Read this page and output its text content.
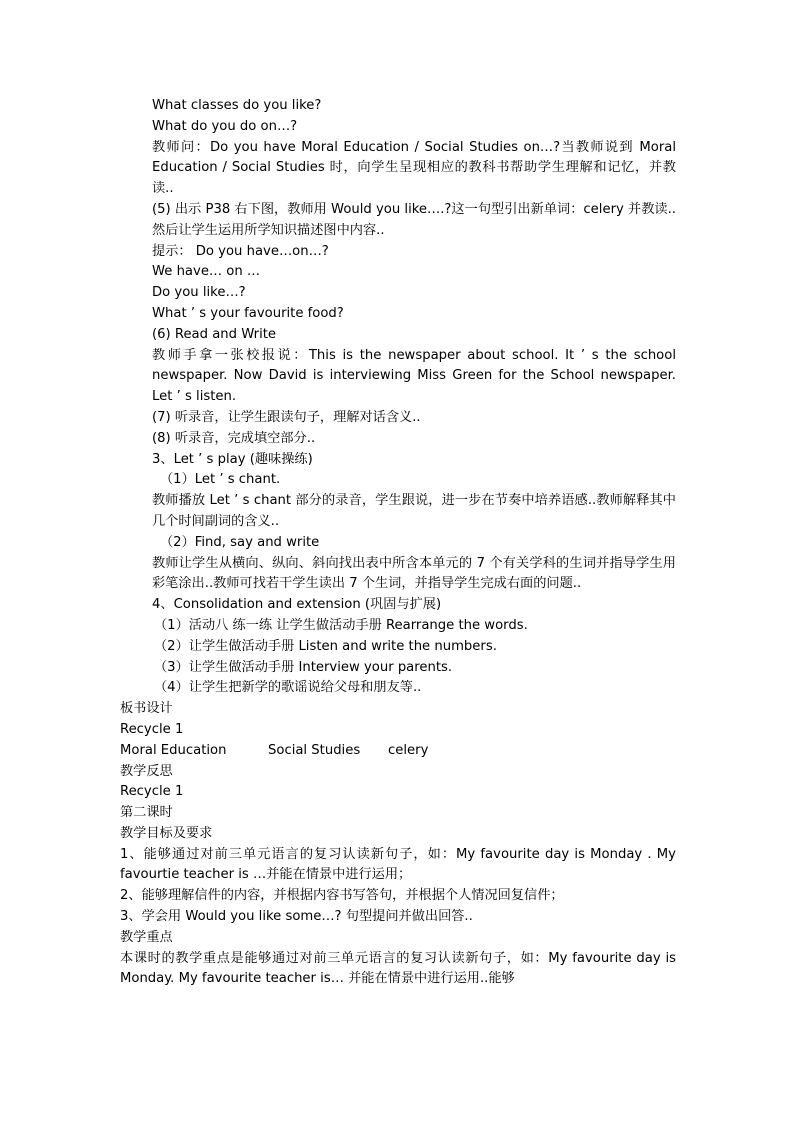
What classes do you like?
What do you do on…?
教师问：Do you have Moral Education / Social Studies on…?当教师说到 Moral Education / Social Studies 时，向学生呈现相应的教科书帮助学生理解和记忆，并教读..
(5) 出示 P38 右下图，教师用 Would you like….?这一句型引出新单词：celery 并教读..然后让学生运用所学知识描述图中内容..
提示： Do you have…on…?
We have… on …
Do you like…?
What ’ s your favourite food?
(6) Read and Write
教师手拿一张校报说：This is the newspaper about school. It ’ s the school newspaper. Now David is interviewing Miss Green for the School newspaper. Let ’ s listen.
(7) 听录音，让学生跟读句子，理解对话含义..
(8) 听录音，完成填空部分..
3、Let ’ s play (趣味操练)
（1）Let ’ s chant.
教师播放 Let ’ s chant 部分的录音，学生跟说，进一步在节奏中培养语感..教师解释其中几个时间副词的含义..
（2）Find, say and write
教师让学生从横向、纵向、斜向找出表中所含本单元的 7 个有关学科的生词并指导学生用彩笔涂出..教师可找若干学生读出 7 个生词，并指导学生完成右面的问题..
4、Consolidation and extension (巩固与扩展)
（1）活动八 练一练 让学生做活动手册 Rearrange the words.
（2）让学生做活动手册 Listen and write the numbers.
（3）让学生做活动手册 Interview your parents.
（4）让学生把新学的歌谣说给父母和朋友等..
板书设计
Recycle 1
Moral Education	Social Studies celery
教学反思
Recycle 1
第二课时
教学目标及要求
1、能够通过对前三单元语言的复习认读新句子，如：My favourite day is Monday . My favourtie teacher is …并能在情景中进行运用；
2、能够理解信件的内容，并根据内容书写答句，并根据个人情况回复信件；
3、学会用 Would you like some…? 句型提问并做出回答..
教学重点
本课时的教学重点是能够通过对前三单元语言的复习认读新句子，如：My favourite day is Monday. My favourite teacher is… 并能在情景中进行运用..能够
